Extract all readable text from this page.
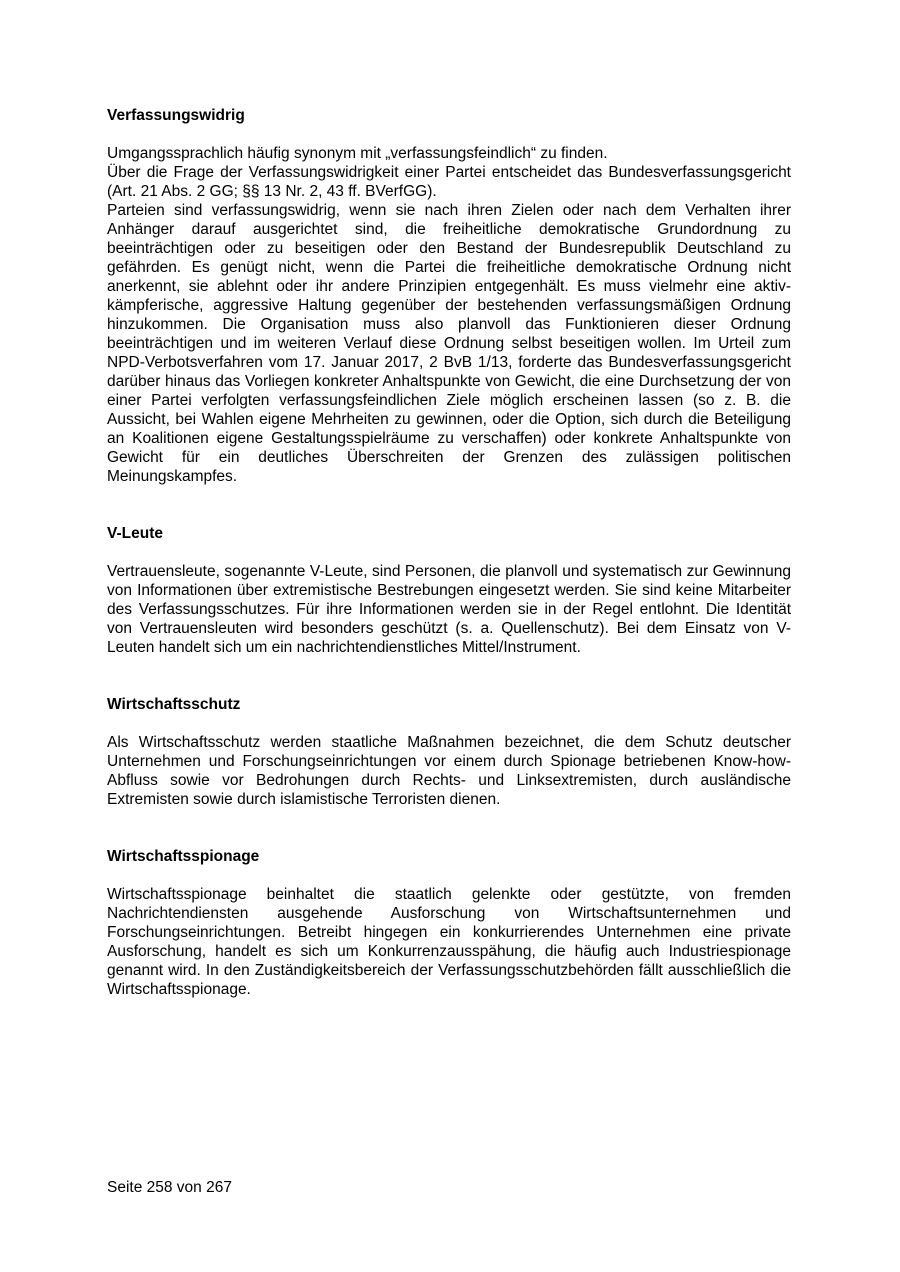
Verfassungswidrig

Umgangssprachlich häufig synonym mit „verfassungsfeindlich“ zu finden.

Über die Frage der Verfassungswidrigkeit einer Partei entscheidet das Bundesverfassungsgericht (Art. 21 Abs. 2 GG; §§ 13 Nr. 2, 43 ff. BVerfGG).

Parteien sind verfassungswidrig, wenn sie nach ihren Zielen oder nach dem Verhalten ihrer Anhänger darauf ausgerichtet sind, die freiheitliche demokratische Grundordnung zu beeinträchtigen oder zu beseitigen oder den Bestand der Bundesrepublik Deutschland zu gefährden. Es genügt nicht, wenn die Partei die freiheitliche demokratische Ordnung nicht anerkennt, sie ablehnt oder ihr andere Prinzipien entgegenhält. Es muss vielmehr eine aktiv-kämpferische, aggressive Haltung gegenüber der bestehenden verfassungsmäßigen Ordnung hinzukommen. Die Organisation muss also planvoll das Funktionieren dieser Ordnung beeinträchtigen und im weiteren Verlauf diese Ordnung selbst beseitigen wollen. Im Urteil zum NPD-Verbotsverfahren vom 17. Januar 2017, 2 BvB 1/13, forderte das Bundesverfassungsgericht darüber hinaus das Vorliegen konkreter Anhaltspunkte von Gewicht, die eine Durchsetzung der von einer Partei verfolgten verfassungsfeindlichen Ziele möglich erscheinen lassen (so z. B. die Aussicht, bei Wahlen eigene Mehrheiten zu gewinnen, oder die Option, sich durch die Beteiligung an Koalitionen eigene Gestaltungsspielräume zu verschaffen) oder konkrete Anhaltspunkte von Gewicht für ein deutliches Überschreiten der Grenzen des zulässigen politischen Meinungskampfes.

V-Leute

Vertrauensleute, sogenannte V-Leute, sind Personen, die planvoll und systematisch zur Gewinnung von Informationen über extremistische Bestrebungen eingesetzt werden. Sie sind keine Mitarbeiter des Verfassungsschutzes. Für ihre Informationen werden sie in der Regel entlohnt. Die Identität von Vertrauensleuten wird besonders geschützt (s. a. Quellenschutz). Bei dem Einsatz von V-Leuten handelt sich um ein nachrichtendienstliches Mittel/Instrument.

Wirtschaftsschutz

Als Wirtschaftsschutz werden staatliche Maßnahmen bezeichnet, die dem Schutz deutscher Unternehmen und Forschungseinrichtungen vor einem durch Spionage betriebenen Know-how-Abfluss sowie vor Bedrohungen durch Rechts- und Linksextremisten, durch ausländische Extremisten sowie durch islamistische Terroristen dienen.

Wirtschaftsspionage

Wirtschaftsspionage beinhaltet die staatlich gelenkte oder gestützte, von fremden Nachrichtendiensten ausgehende Ausforschung von Wirtschaftsunternehmen und Forschungseinrichtungen. Betreibt hingegen ein konkurrierendes Unternehmen eine private Ausforschung, handelt es sich um Konkurrenzausspähung, die häufig auch Industriespionage genannt wird. In den Zuständigkeitsbereich der Verfassungsschutzbehörden fällt ausschließlich die Wirtschaftsspionage.

Seite 258 von 267
